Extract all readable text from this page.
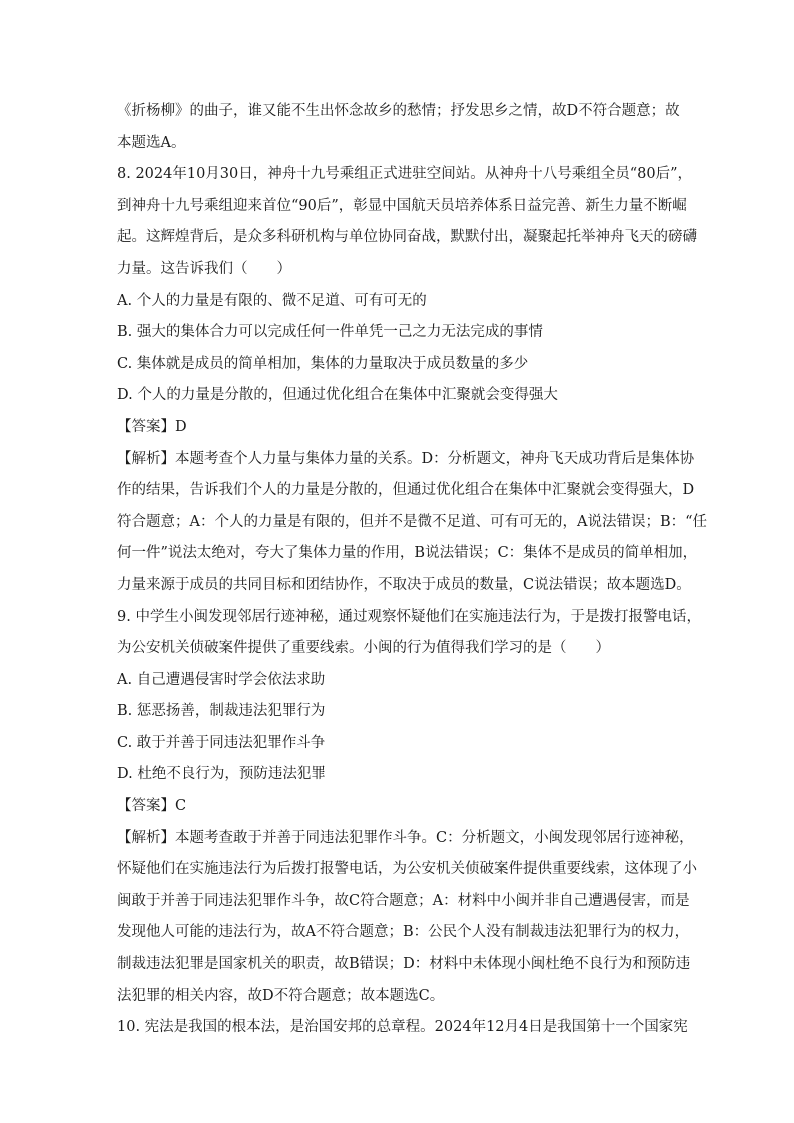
《折杨柳》的曲子，谁又能不生出怀念故乡的愁情；抒发思乡之情，故D不符合题意；故
本题选A。
8. 2024年10月30日，神舟十九号乘组正式进驻空间站。从神舟十八号乘组全员“80后”，
到神舟十九号乘组迎来首位“90后”，彰显中国航天员培养体系日益完善、新生力量不断崛
起。这辉煌背后，是众多科研机构与单位协同奋战，默默付出，凝聚起托举神舟飞天的磅礴
力量。这告诉我们（　　）
A. 个人的力量是有限的、微不足道、可有可无的
B. 强大的集体合力可以完成任何一件单凭一己之力无法完成的事情
C. 集体就是成员的简单相加，集体的力量取决于成员数量的多少
D. 个人的力量是分散的，但通过优化组合在集体中汇聚就会变得强大
【答案】D
【解析】本题考查个人力量与集体力量的关系。D：分析题文，神舟飞天成功背后是集体协
作的结果，告诉我们个人的力量是分散的，但通过优化组合在集体中汇聚就会变得强大，D
符合题意；A：个人的力量是有限的，但并不是微不足道、可有可无的，A说法错误；B：“任
何一件”说法太绝对，夸大了集体力量的作用，B说法错误；C：集体不是成员的简单相加，
力量来源于成员的共同目标和团结协作，不取决于成员的数量，C说法错误；故本题选D。
9. 中学生小闽发现邻居行迹神秘，通过观察怀疑他们在实施违法行为，于是拨打报警电话，
为公安机关侦破案件提供了重要线索。小闽的行为值得我们学习的是（　　）
A. 自己遭遇侵害时学会依法求助
B. 惩恶扬善，制裁违法犯罪行为
C. 敢于并善于同违法犯罪作斗争
D. 杜绝不良行为，预防违法犯罪
【答案】C
【解析】本题考查敢于并善于同违法犯罪作斗争。C：分析题文，小闽发现邻居行迹神秘，
怀疑他们在实施违法行为后拨打报警电话，为公安机关侦破案件提供重要线索，这体现了小
闽敢于并善于同违法犯罪作斗争，故C符合题意；A：材料中小闽并非自己遭遇侵害，而是
发现他人可能的违法行为，故A不符合题意；B：公民个人没有制裁违法犯罪行为的权力，
制裁违法犯罪是国家机关的职责，故B错误；D：材料中未体现小闽杜绝不良行为和预防违
法犯罪的相关内容，故D不符合题意；故本题选C。
10. 宪法是我国的根本法，是治国安邦的总章程。2024年12月4日是我国第十一个国家宪
